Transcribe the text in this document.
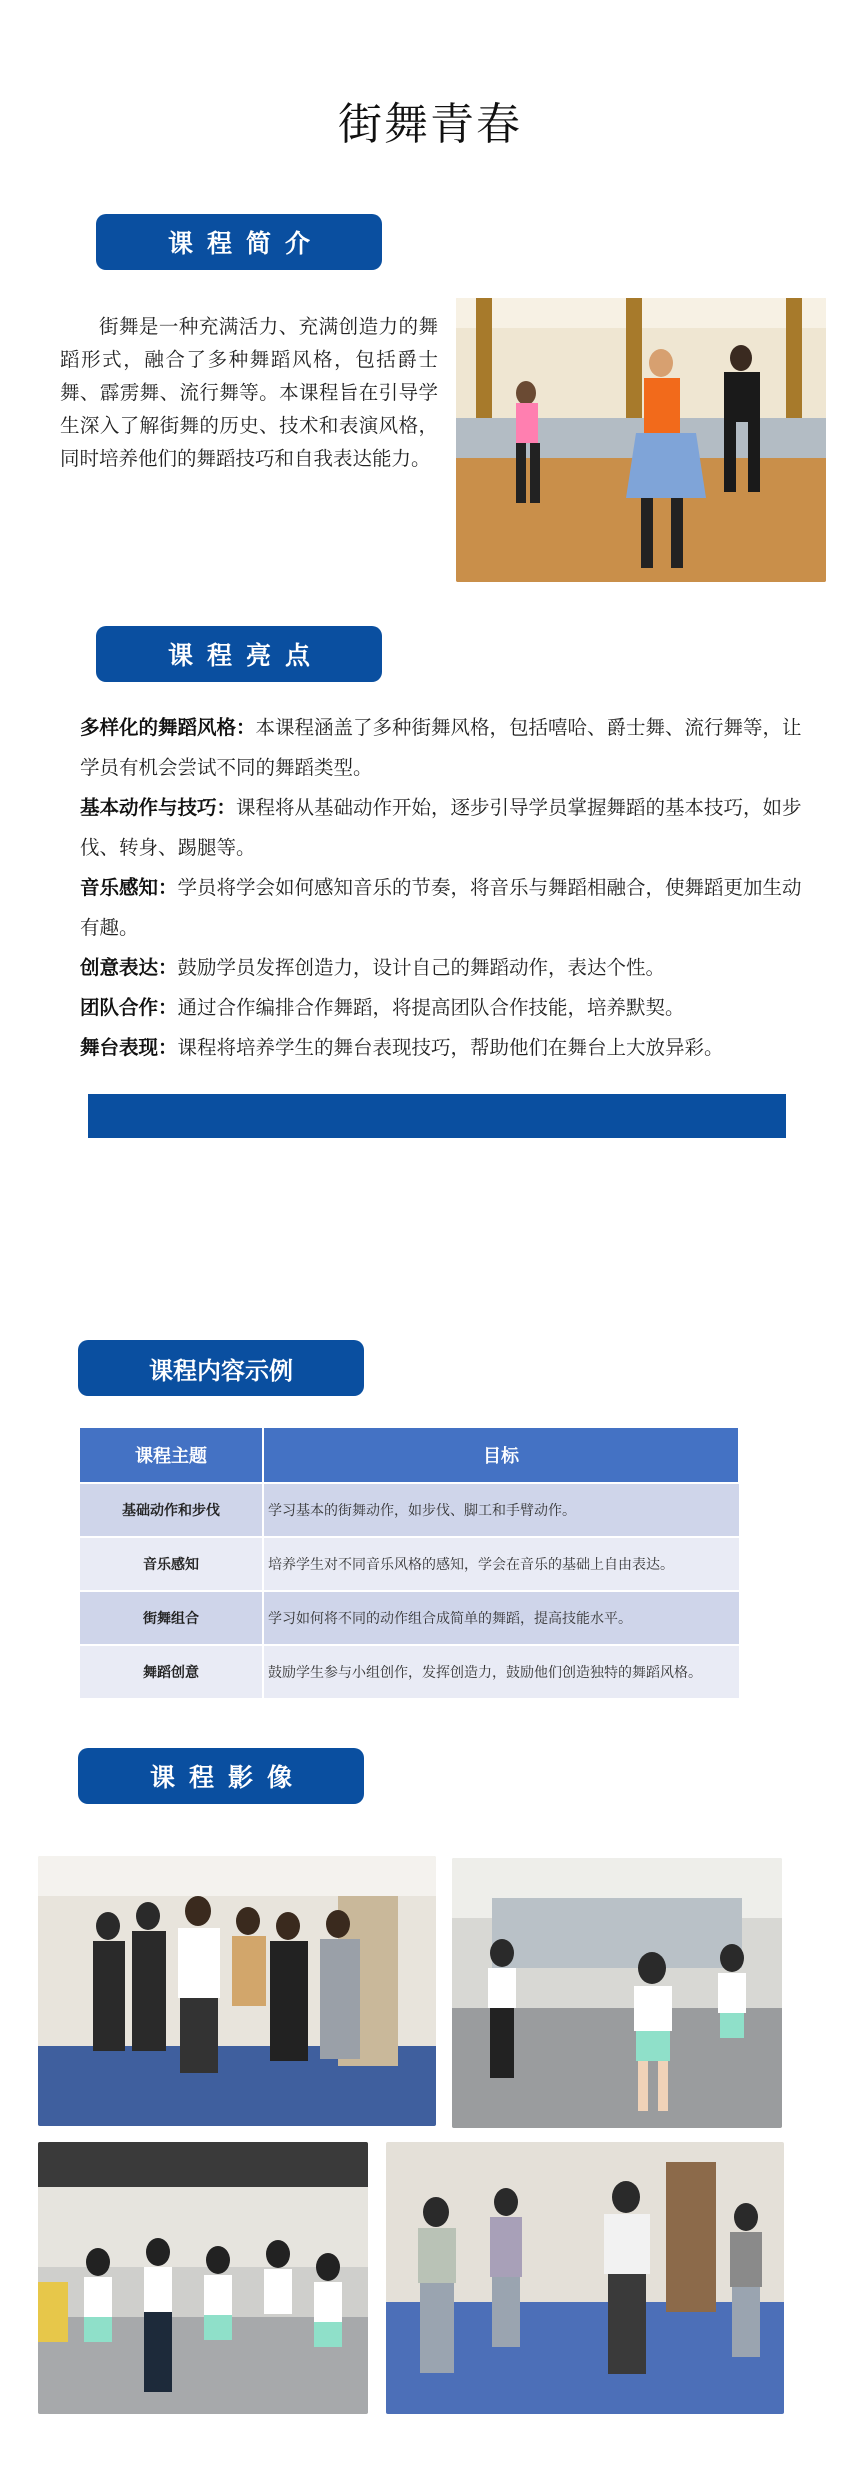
街舞青春
课程简介
街舞是一种充满活力、充满创造力的舞蹈形式，融合了多种舞蹈风格，包括爵士舞、霹雳舞、流行舞等。本课程旨在引导学生深入了解街舞的历史、技术和表演风格，同时培养他们的舞蹈技巧和自我表达能力。
课程亮点
多样化的舞蹈风格：本课程涵盖了多种街舞风格，包括嘻哈、爵士舞、流行舞等，让学员有机会尝试不同的舞蹈类型。
基本动作与技巧：课程将从基础动作开始，逐步引导学员掌握舞蹈的基本技巧，如步伐、转身、踢腿等。
音乐感知：学员将学会如何感知音乐的节奏，将音乐与舞蹈相融合，使舞蹈更加生动有趣。
创意表达：鼓励学员发挥创造力，设计自己的舞蹈动作，表达个性。
团队合作：通过合作编排合作舞蹈，将提高团队合作技能，培养默契。
舞台表现：课程将培养学生的舞台表现技巧，帮助他们在舞台上大放异彩。
课程内容示例
课程主题	目标
基础动作和步伐	学习基本的街舞动作，如步伐、脚工和手臂动作。
音乐感知	培养学生对不同音乐风格的感知，学会在音乐的基础上自由表达。
街舞组合	学习如何将不同的动作组合成简单的舞蹈，提高技能水平。
舞蹈创意	鼓励学生参与小组创作，发挥创造力，鼓励他们创造独特的舞蹈风格。
课程影像
